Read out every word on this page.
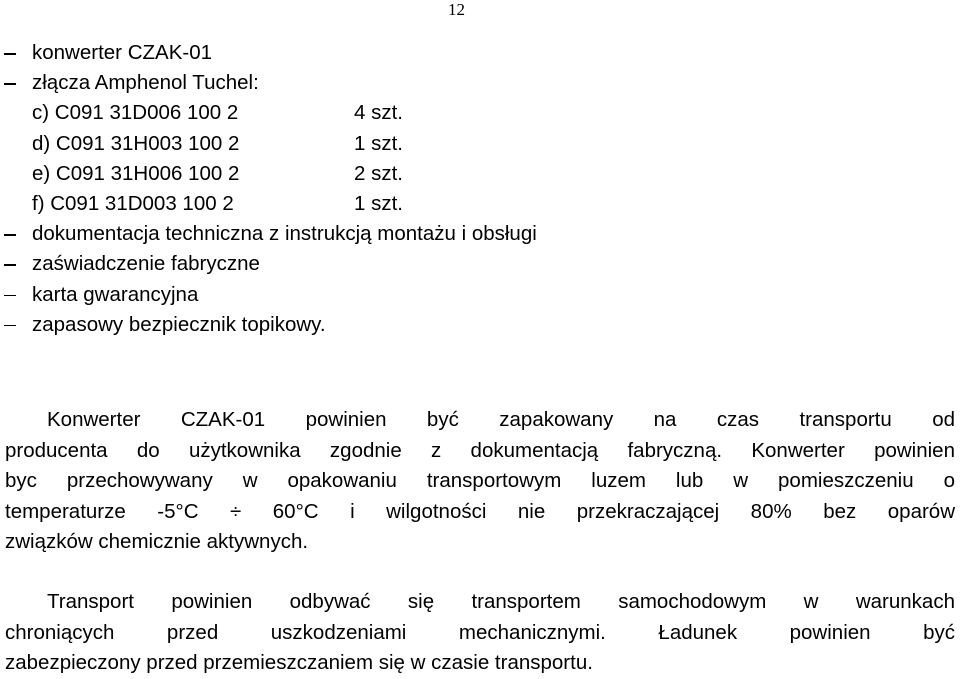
12
konwerter CZAK-01
złącza Amphenol Tuchel:
c) C091 31D006 100 2	4 szt.
d) C091 31H003 100 2	1 szt.
e) C091 31H006 100 2	2 szt.
f) C091 31D003 100 2	1 szt.
dokumentacja techniczna z instrukcją montażu i obsługi
zaświadczenie fabryczne
karta gwarancyjna
zapasowy bezpiecznik topikowy.
Konwerter CZAK-01 powinien być zapakowany na czas transportu od
producenta do użytkownika zgodnie z dokumentacją fabryczną. Konwerter powinien
byc przechowywany w opakowaniu transportowym luzem lub w pomieszczeniu o
temperaturze -5°C ÷ 60°C i wilgotności nie przekraczającej 80% bez oparów
związków chemicznie aktywnych.
Transport powinien odbywać się transportem samochodowym w warunkach
chroniących przed uszkodzeniami mechanicznymi. Ładunek powinien być
zabezpieczony przed przemieszczaniem się w czasie transportu.
